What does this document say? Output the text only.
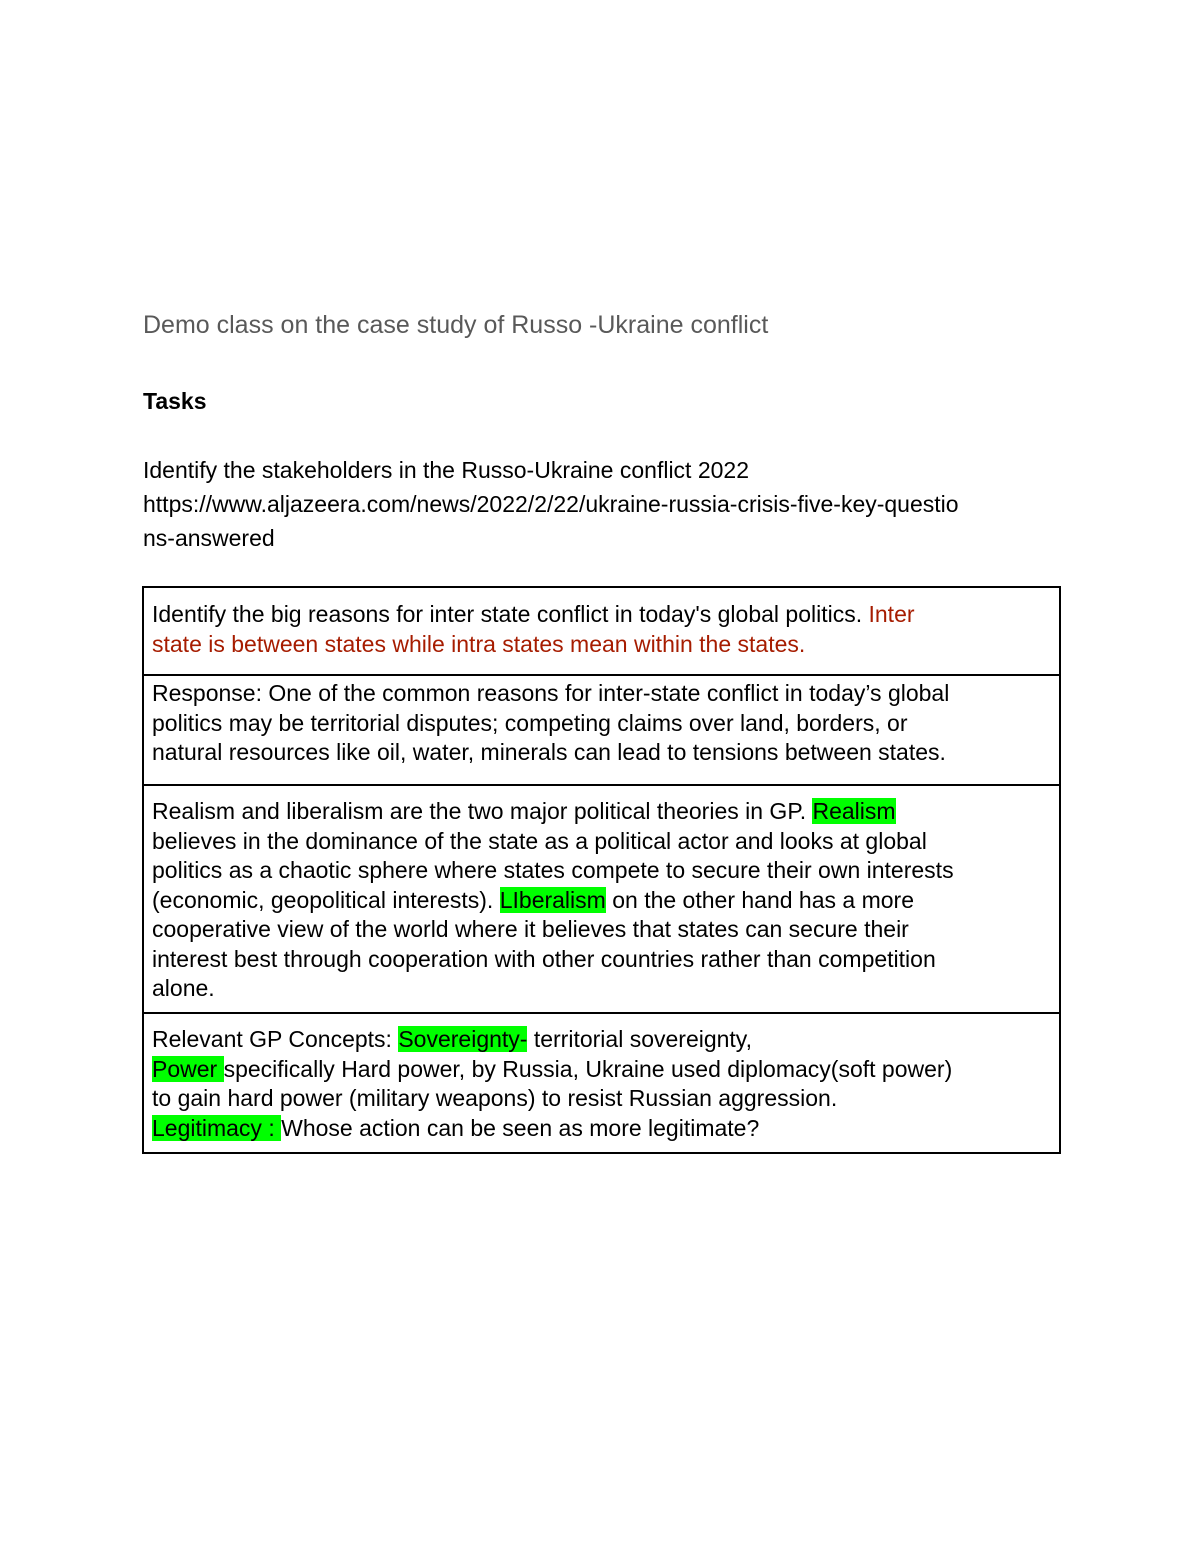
Demo class on the case study of Russo -Ukraine conflict
Tasks
Identify the stakeholders in the Russo-Ukraine conflict 2022
https://www.aljazeera.com/news/2022/2/22/ukraine-russia-crisis-five-key-questio
ns-answered
Identify the big reasons for inter state conflict in today's global politics. Inter
state is between states while intra states mean within the states.

Response: One of the common reasons for inter-state conflict in today’s global
politics may be territorial disputes; competing claims over land, borders, or
natural resources like oil, water, minerals can lead to tensions between states.

Realism and liberalism are the two major political theories in GP. Realism
believes in the dominance of the state as a political actor and looks at global
politics as a chaotic sphere where states compete to secure their own interests
(economic, geopolitical interests). LIberalism on the other hand has a more
cooperative view of the world where it believes that states can secure their
interest best through cooperation with other countries rather than competition
alone.

Relevant GP Concepts: Sovereignty- territorial sovereignty,
Power specifically Hard power, by Russia, Ukraine used diplomacy(soft power)
to gain hard power (military weapons) to resist Russian aggression.
Legitimacy : Whose action can be seen as more legitimate?
